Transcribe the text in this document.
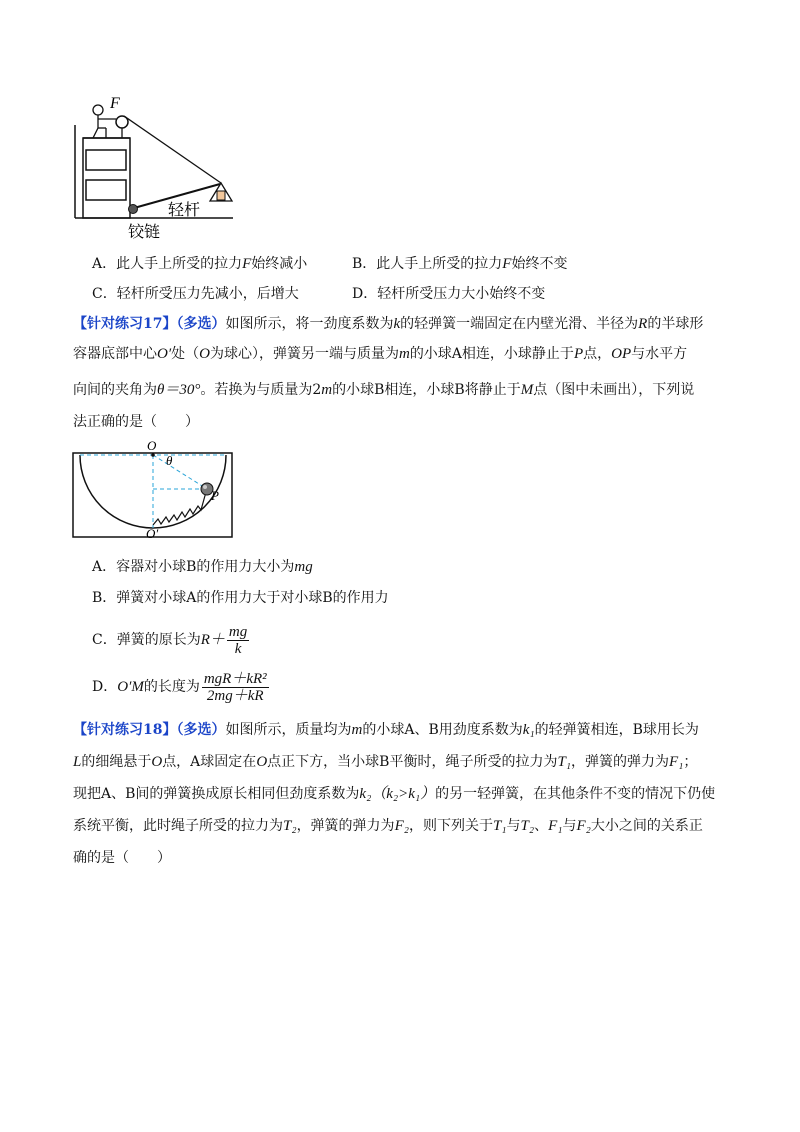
F
轻杆
铰链
A．此人手上所受的拉力F始终减小	B．此人手上所受的拉力F始终不变
C．轻杆所受压力先减小，后增大	D．轻杆所受压力大小始终不变
【针对练习17】（多选）如图所示，将一劲度系数为k的轻弹簧一端固定在内壁光滑、半径为R的半球形
容器底部中心O′处（O为球心），弹簧另一端与质量为m的小球A相连，小球静止于P点，OP与水平方
向间的夹角为θ＝30°。若换为与质量为2m的小球B相连，小球B将静止于M点（图中未画出），下列说
法正确的是（　　）
O
θ
P
O′
A．容器对小球B的作用力大小为mg
B．弹簧对小球A的作用力大于对小球B的作用力
C．弹簧的原长为$R+ \frac{mg}{k}$
D．O′M的长度为 $\frac{\text{mgR＋kR²}}{2mg+kR}$
【针对练习18】（多选）如图所示，质量均为m的小球A、B用劲度系数为k₁的轻弹簧相连，B球用长为
L的细绳悬于O点，A球固定在O点正下方，当小球B平衡时，绳子所受的拉力为T₁，弹簧的弹力为F₁；
现把A、B间的弹簧换成原长相同但劲度系数为k₂（k₂>k₁）的另一轻弹簧，在其他条件不变的情况下仍使
系统平衡，此时绳子所受的拉力为T₂，弹簧的弹力为F₂，则下列关于T₁与T₂、F₁与F₂大小之间的关系正
确的是（　　）
